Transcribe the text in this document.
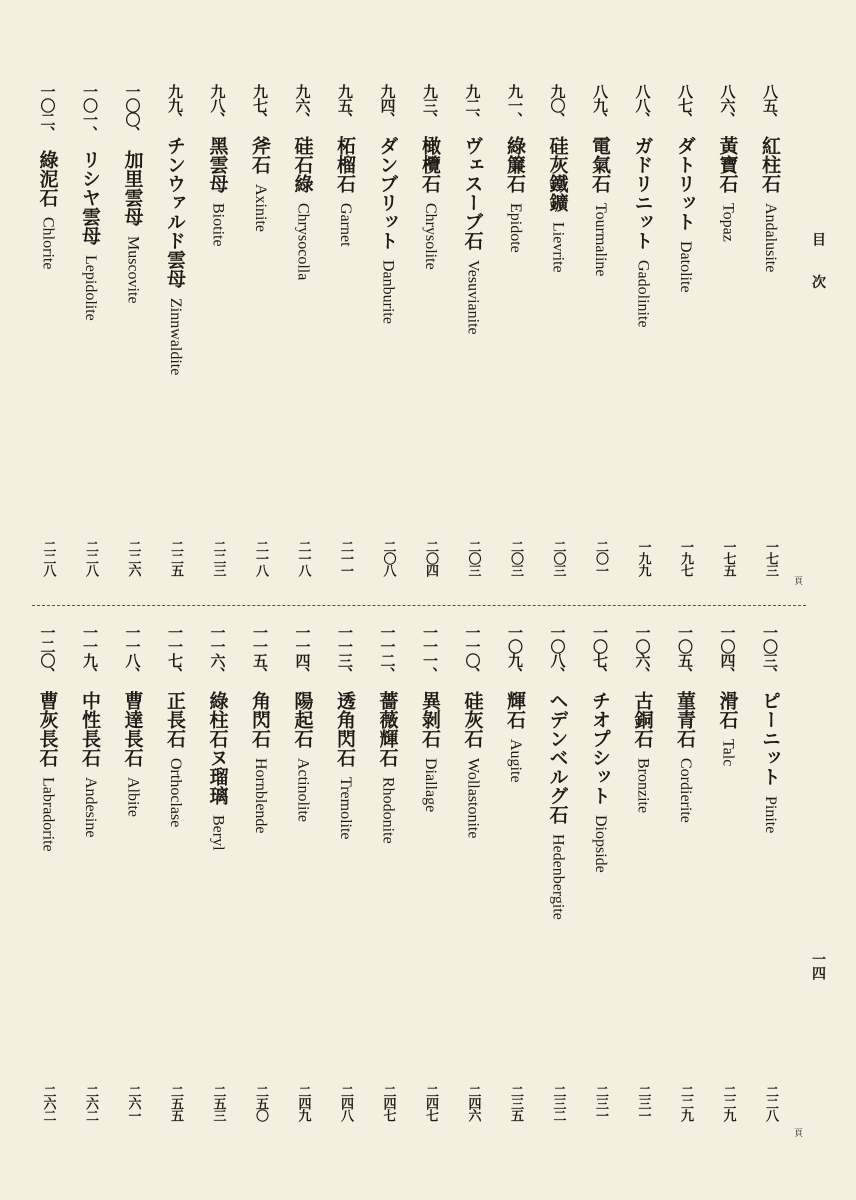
目 次
一四
八五、紅柱石Andalusite
一七三
八六、黃寶石Topaz
一七五
八七、ダトリットDatolite
一九七
八八、ガドリニットGadolinite
一九九
八九、電氣石Tourmaline
二〇一
九〇、硅灰鐵鑛Lievrite
二〇三
九一、綠簾石Epidote
二〇三
九二、ヴェスーブ石Vesuvianite
二〇三
九三、橄欖石Chrysolite
二〇四
九四、ダンブリットDanburite
二〇八
九五、柘榴石Garnet
二一一
九六、硅石綠Chrysocolla
二一八
九七、斧石Axinite
二一八
九八、黑雲母Biotite
二二三
九九、チンウァルド雲母Zinnwaldite
二二五
一〇〇、加里雲母Muscovite
二二六
一〇一、リシヤ雲母Lepidolite
二二八
一〇二、綠泥石Chlorite
二二八
一〇三、ピーニットPinite
二二八
一〇四、滑石Talc
二二九
一〇五、菫青石Cordierite
二二九
一〇六、古銅石Bronzite
二三一
一〇七、チオプシットDiopside
二三一
一〇八、ヘデンベルグ石Hedenbergite
二三二
一〇九、輝石Augite
二三五
一一〇、硅灰石Wollastonite
二四六
一一一、異剝石Diallage
二四七
一一二、薔薇輝石Rhodonite
二四七
一一三、透角閃石Tremolite
二四八
一一四、陽起石Actinolite
二四九
一一五、角閃石Hornblende
二五〇
一一六、綠柱石ヌ瑠璃Beryl
二五三
一一七、正長石Orthoclase
二五五
一一八、曹達長石Albite
二六一
一一九、中性長石Andesine
二六二
一二〇、曹灰長石Labradorite
二六二
頁
頁
